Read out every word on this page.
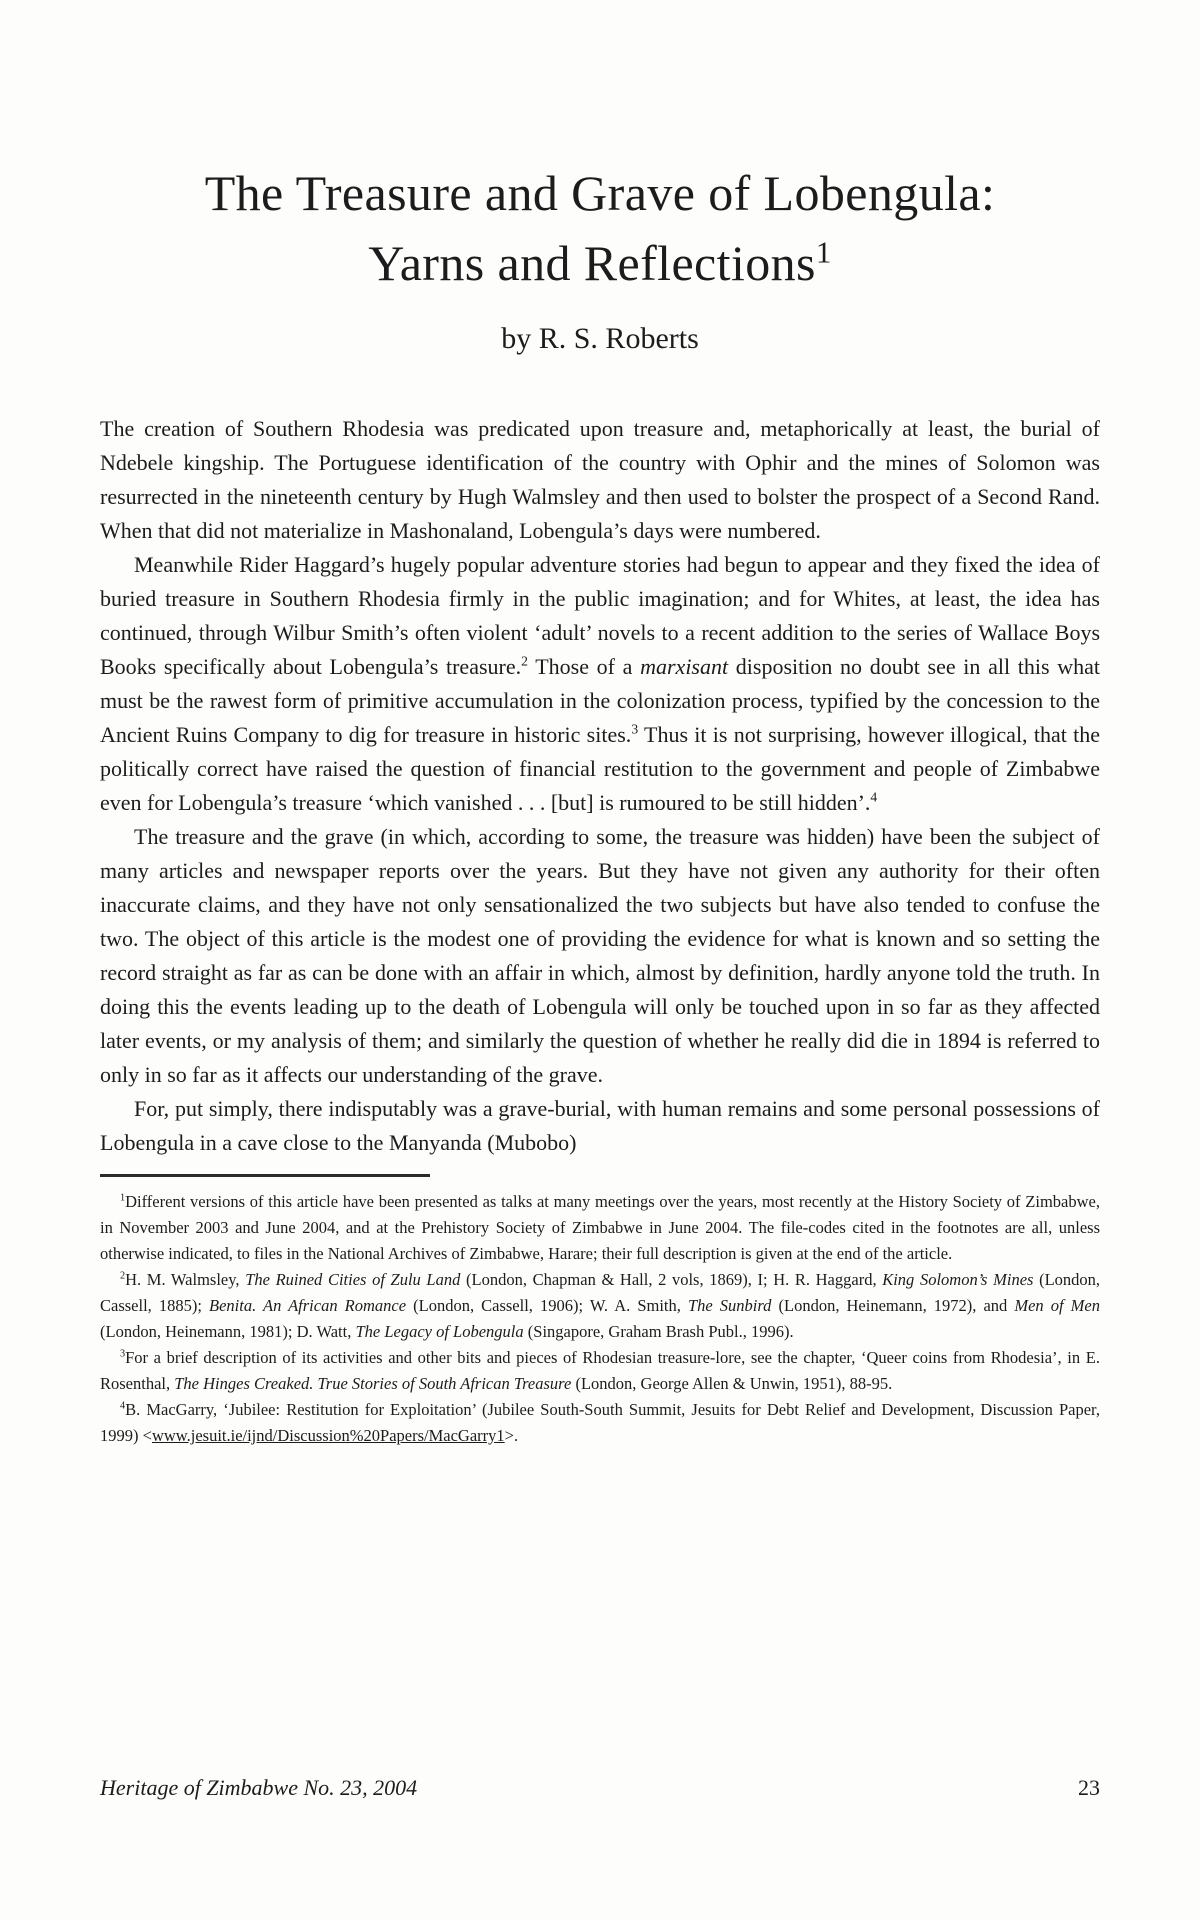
The Treasure and Grave of Lobengula:
Yarns and Reflections$^1$
by R. S. Roberts

The creation of Southern Rhodesia was predicated upon treasure and, metaphorically at least, the burial of Ndebele kingship. The Portuguese identification of the country with Ophir and the mines of Solomon was resurrected in the nineteenth century by Hugh Walmsley and then used to bolster the prospect of a Second Rand. When that did not materialize in Mashonaland, Lobengula’s days were numbered.

Meanwhile Rider Haggard’s hugely popular adventure stories had begun to appear and they fixed the idea of buried treasure in Southern Rhodesia firmly in the public imagination; and for Whites, at least, the idea has continued, through Wilbur Smith’s often violent ‘adult’ novels to a recent addition to the series of Wallace Boys Books specifically about Lobengula’s treasure.$^2$ Those of a marxisant disposition no doubt see in all this what must be the rawest form of primitive accumulation in the colonization process, typified by the concession to the Ancient Ruins Company to dig for treasure in historic sites.$^3$ Thus it is not surprising, however illogical, that the politically correct have raised the question of financial restitution to the government and people of Zimbabwe even for Lobengula’s treasure ‘which vanished . . . [but] is rumoured to be still hidden’.$^4$

The treasure and the grave (in which, according to some, the treasure was hidden) have been the subject of many articles and newspaper reports over the years. But they have not given any authority for their often inaccurate claims, and they have not only sensationalized the two subjects but have also tended to confuse the two. The object of this article is the modest one of providing the evidence for what is known and so setting the record straight as far as can be done with an affair in which, almost by definition, hardly anyone told the truth. In doing this the events leading up to the death of Lobengula will only be touched upon in so far as they affected later events, or my analysis of them; and similarly the question of whether he really did die in 1894 is referred to only in so far as it affects our understanding of the grave.

For, put simply, there indisputably was a grave-burial, with human remains and some personal possessions of Lobengula in a cave close to the Manyanda (Mubobo)

$^1$Different versions of this article have been presented as talks at many meetings over the years, most recently at the History Society of Zimbabwe, in November 2003 and June 2004, and at the Prehistory Society of Zimbabwe in June 2004. The file-codes cited in the footnotes are all, unless otherwise indicated, to files in the National Archives of Zimbabwe, Harare; their full description is given at the end of the article.

$^2$H. M. Walmsley, The Ruined Cities of Zulu Land (London, Chapman & Hall, 2 vols, 1869), I; H. R. Haggard, King Solomon’s Mines (London, Cassell, 1885); Benita. An African Romance (London, Cassell, 1906); W. A. Smith, The Sunbird (London, Heinemann, 1972), and Men of Men (London, Heinemann, 1981); D. Watt, The Legacy of Lobengula (Singapore, Graham Brash Publ., 1996).

$^3$For a brief description of its activities and other bits and pieces of Rhodesian treasure-lore, see the chapter, ‘Queer coins from Rhodesia’, in E. Rosenthal, The Hinges Creaked. True Stories of South African Treasure (London, George Allen & Unwin, 1951), 88-95.

$^4$B. MacGarry, ‘Jubilee: Restitution for Exploitation’ (Jubilee South-South Summit, Jesuits for Debt Relief and Development, Discussion Paper, 1999) <www.jesuit.ie/ijnd/Discussion%20Papers/MacGarry1>.

Heritage of Zimbabwe No. 23, 2004	23
